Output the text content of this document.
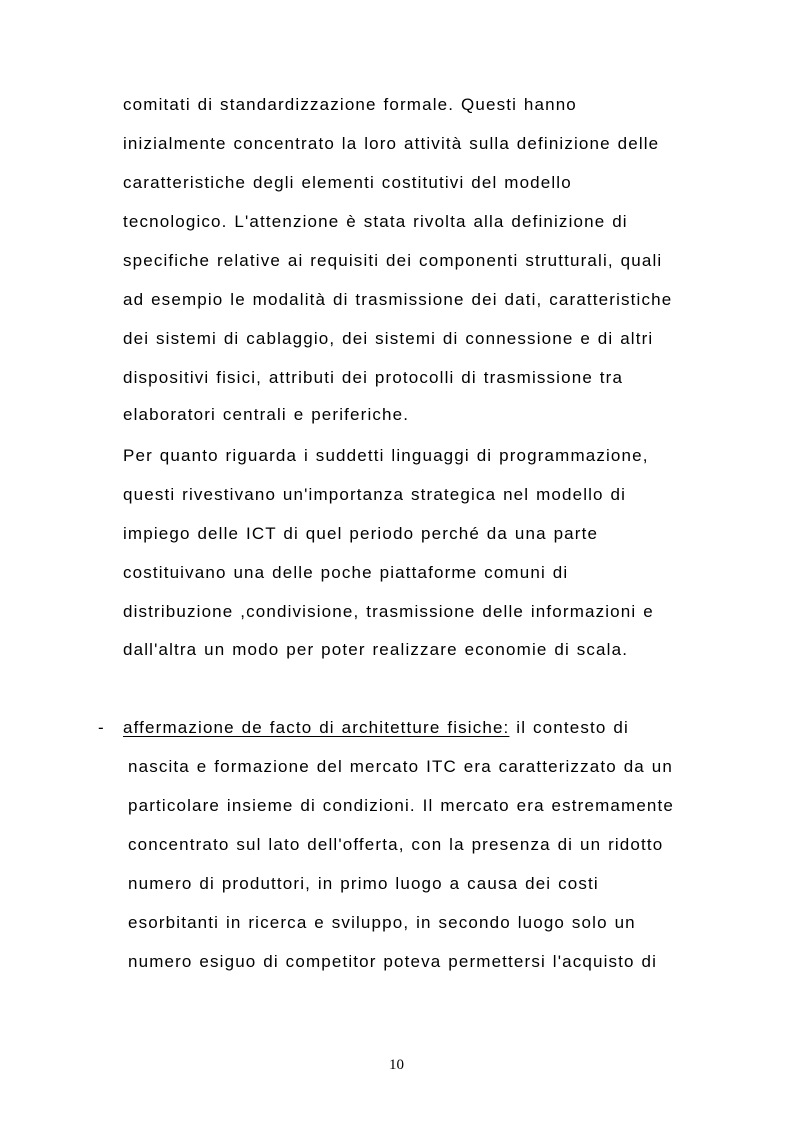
comitati di standardizzazione formale. Questi hanno

inizialmente concentrato la loro attività sulla definizione delle

caratteristiche degli elementi costitutivi del modello

tecnologico. L'attenzione è stata rivolta alla definizione di

specifiche relative ai requisiti dei componenti strutturali, quali

ad esempio le modalità di trasmissione dei dati, caratteristiche

dei sistemi di cablaggio, dei sistemi di connessione e di altri

dispositivi fisici, attributi dei protocolli di trasmissione tra

elaboratori centrali e periferiche.

Per quanto riguarda i suddetti linguaggi di programmazione,

questi rivestivano un'importanza strategica nel modello di

impiego delle ICT di quel periodo perché da una parte

costituivano una delle poche piattaforme comuni di

distribuzione ,condivisione, trasmissione delle informazioni e

dall'altra un modo per poter realizzare economie di scala.

- affermazione de facto di architetture fisiche: il contesto di

nascita e formazione del mercato ITC era caratterizzato da un

particolare insieme di condizioni. Il mercato era estremamente

concentrato sul lato dell'offerta, con la presenza di un ridotto

numero di produttori, in primo luogo a causa dei costi

esorbitanti in ricerca e sviluppo, in secondo luogo solo un

numero esiguo di competitor poteva permettersi l'acquisto di

10
